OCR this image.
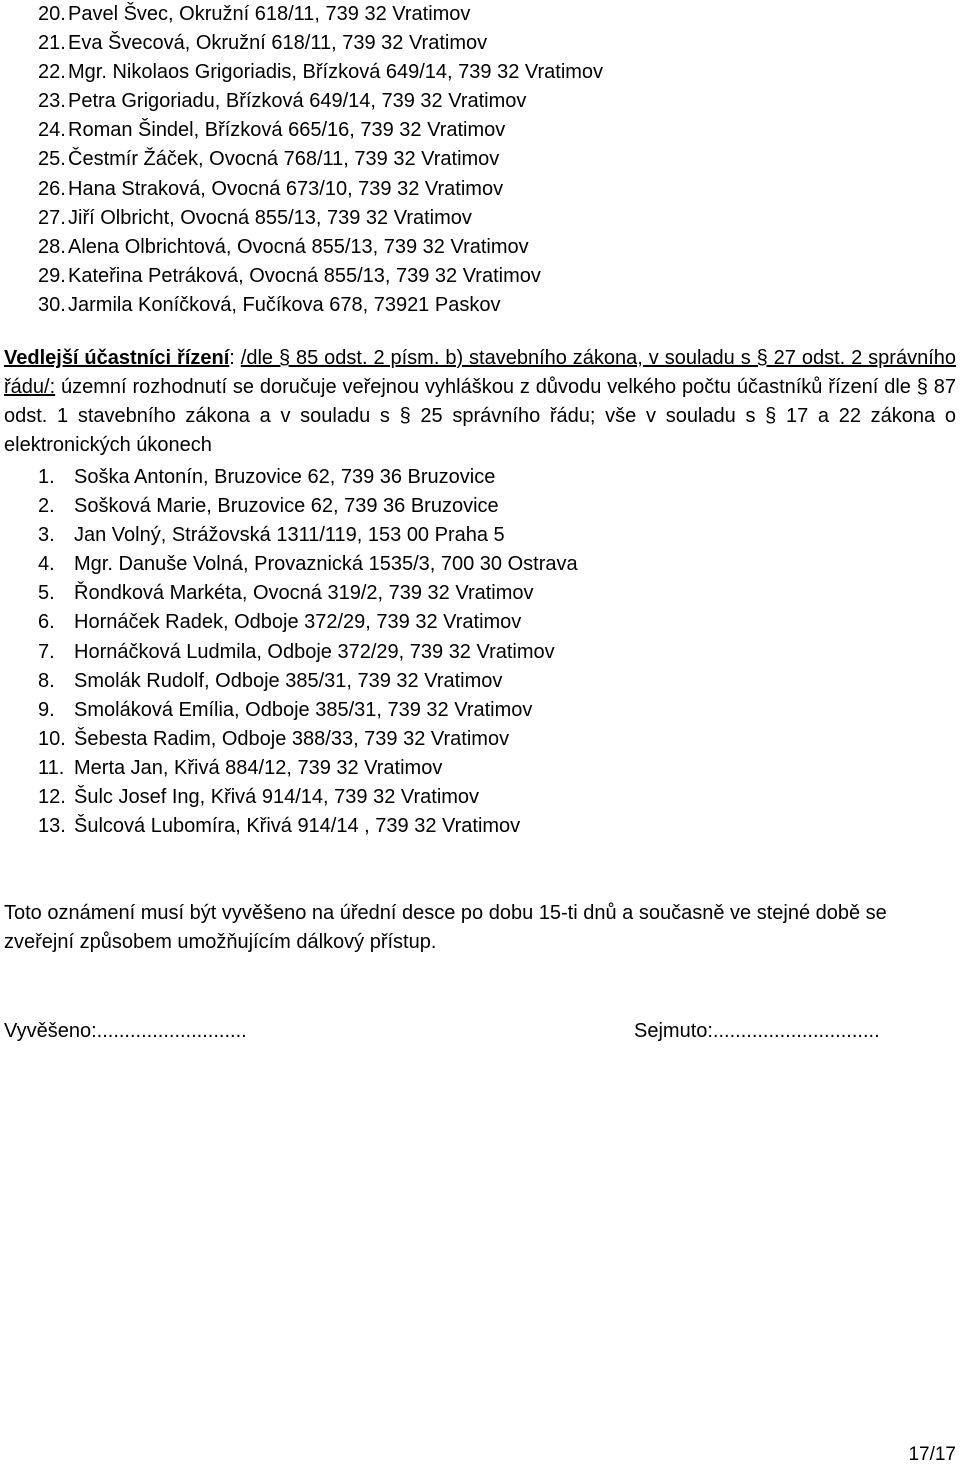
20. Pavel Švec, Okružní 618/11, 739 32 Vratimov
21. Eva Švecová, Okružní 618/11, 739 32 Vratimov
22. Mgr. Nikolaos Grigoriadis, Břízková 649/14, 739 32 Vratimov
23. Petra Grigoriadu, Břízková 649/14, 739 32 Vratimov
24. Roman Šindel, Břízková 665/16, 739 32 Vratimov
25. Čestmír Žáček, Ovocná 768/11, 739 32 Vratimov
26. Hana Straková, Ovocná 673/10, 739 32 Vratimov
27. Jiří Olbricht, Ovocná 855/13, 739 32 Vratimov
28. Alena Olbrichtová, Ovocná 855/13, 739 32 Vratimov
29. Kateřina Petráková, Ovocná 855/13, 739 32 Vratimov
30. Jarmila Koníčková, Fučíkova 678, 73921 Paskov

Vedlejší účastníci řízení: /dle § 85 odst. 2 písm. b) stavebního zákona, v souladu s § 27 odst. 2 správního řádu/: územní rozhodnutí se doručuje veřejnou vyhláškou z důvodu velkého počtu účastníků řízení dle § 87 odst. 1 stavebního zákona a v souladu s § 25 správního řádu; vše v souladu s § 17 a 22 zákona o elektronických úkonech

1. Soška Antonín, Bruzovice 62, 739 36 Bruzovice
2. Sošková Marie, Bruzovice 62, 739 36 Bruzovice
3. Jan Volný, Strážovská 1311/119, 153 00 Praha 5
4. Mgr. Danuše Volná, Provaznická 1535/3, 700 30 Ostrava
5. Řondková Markéta, Ovocná 319/2, 739 32 Vratimov
6. Hornáček Radek, Odboje 372/29, 739 32 Vratimov
7. Hornáčková Ludmila, Odboje 372/29, 739 32 Vratimov
8. Smolák Rudolf, Odboje 385/31, 739 32 Vratimov
9. Smoláková Emília, Odboje 385/31, 739 32 Vratimov
10. Šebesta Radim, Odboje 388/33, 739 32 Vratimov
11. Merta Jan, Křivá 884/12, 739 32 Vratimov
12. Šulc Josef Ing, Křivá 914/14, 739 32 Vratimov
13. Šulcová Lubomíra, Křivá 914/14 , 739 32 Vratimov

Toto oznámení musí být vyvěšeno na úřední desce po dobu 15-ti dnů a současně ve stejné době se zveřejní způsobem umožňujícím dálkový přístup.

Vyvěšeno:...........................	Sejmuto:..............................
17/17
